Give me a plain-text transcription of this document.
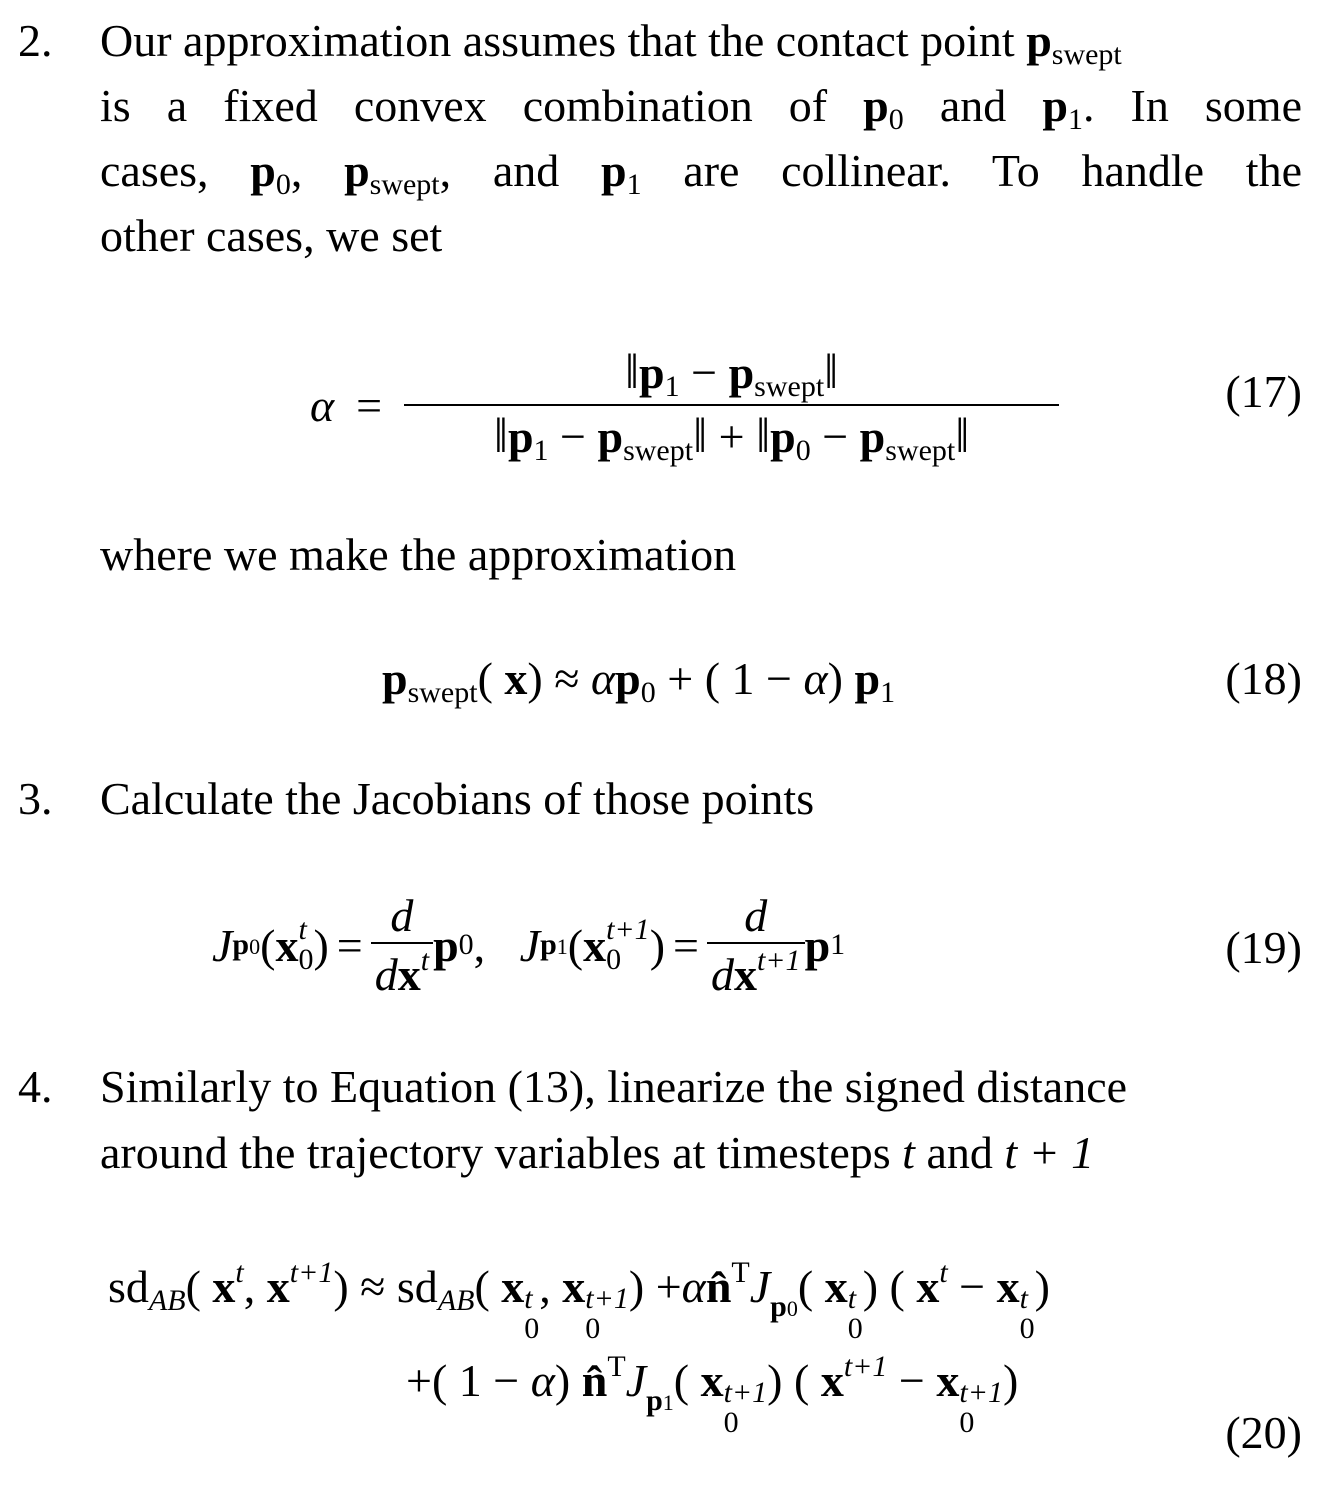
2. Our approximation assumes that the contact point $p_{swept}$
is a fixed convex combination of $p_0$ and $p_1$. In some
cases, $p_0$, $p_{swept}$, and $p_1$ are collinear. To handle the
other cases, we set
α =
$‖p_1$ − $p_{swept}‖$
$‖p_1$ − $p_{swept}‖$ + $‖p_0$ − $p_{swept}‖$
(17)
where we make the approximation
$p_{swept}$( $x) \approx \alpha p_0$ + ( 1 − α) $p_1$	(18)
3. Calculate the Jacobians of those points
J p0 ( x t
0 ) = $\frac{d}{dx^t}$ p 0 , J p1 ( x t+1
0 ) = $\frac{d}{dx^{t+1}}$ p 1	(19)
4. Similarly to Equation (13), linearize the signed distance
around the trajectory variables at timesteps t and t + 1
$sd_{AB}$( $x^t$, $x^{t+1}) \approx sd_{AB}$( x t
0
, x t+1
0
) $+\alpha n̂^TJ_{p0}$( x t
0
) ( $x^t - x$ t
0
)
+( 1 − α) $n̂^TJ_{p1}$( x t+1
0
) ( $x^{t+1} - x$ t+1
0
)
(20)
